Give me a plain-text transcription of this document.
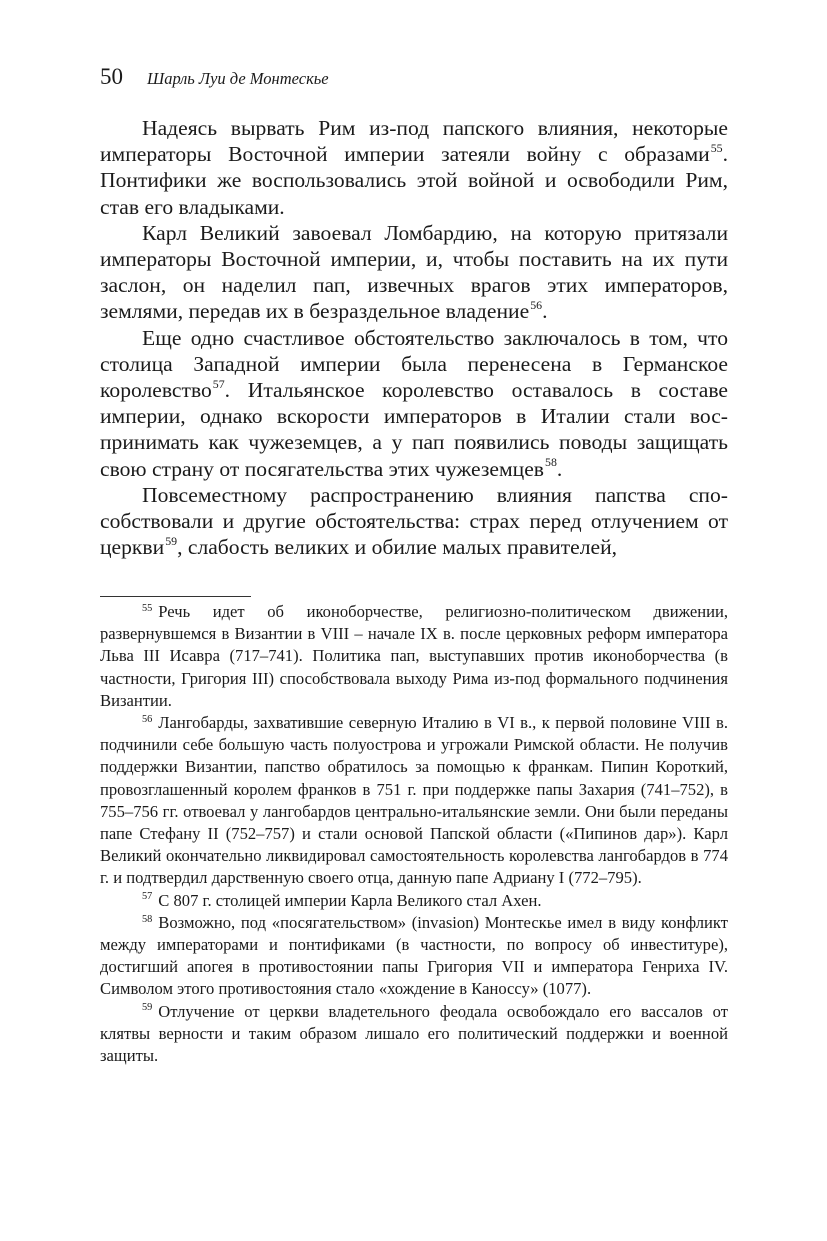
50 Шарль Луи де Монтескье

Надеясь вырвать Рим из-под папского влияния, некоторые императоры Восточной империи затеяли войну с образами$^{55}$. Понтифики же воспользовались этой войной и освободили Рим, став его владыками.

Карл Великий завоевал Ломбардию, на которую притязали императоры Восточной империи, и, чтобы поставить на их пути заслон, он наделил пап, извечных врагов этих императоров, землями, передав их в безраздельное владение$^{56}$.

Еще одно счастливое обстоятельство заключалось в том, что столица Западной империи была перенесена в Германское королевство$^{57}$. Итальянское королевство оставалось в составе империи, однако вскорости императоров в Италии стали воспринимать как чужеземцев, а у пап появились поводы защищать свою страну от посягательства этих чужеземцев$^{58}$.

Повсеместному распространению влияния папства способствовали и другие обстоятельства: страх перед отлучением от церкви$^{59}$, слабость великих и обилие малых правителей,

$^{55}$ Речь идет об иконоборчестве, религиозно-политическом движении, развернувшемся в Византии в VIII – начале IX в. после церковных реформ императора Льва III Исавра (717–741). Политика пап, выступавших против иконоборчества (в частности, Григория III) способствовала выходу Рима из-под формального подчинения Византии.

$^{56}$ Лангобарды, захватившие северную Италию в VI в., к первой половине VIII в. подчинили себе большую часть полуострова и угрожали Римской области. Не получив поддержки Византии, папство обратилось за помощью к франкам. Пипин Короткий, провозглашенный королем франков в 751 г. при поддержке папы Захария (741–752), в 755–756 гг. отвоевал у лангобардов центрально-итальянские земли. Они были переданы папе Стефану II (752–757) и стали основой Папской области («Пипинов дар»). Карл Великий окончательно ликвидировал самостоятельность королевства лангобардов в 774 г. и подтвердил дарственную своего отца, данную папе Адриану I (772–795).

$^{57}$ С 807 г. столицей империи Карла Великого стал Ахен.

$^{58}$ Возможно, под «посягательством» (invasion) Монтескье имел в виду конфликт между императорами и понтификами (в частности, по вопросу об инвеституре), достигший апогея в противостоянии папы Григория VII и императора Генриха IV. Символом этого противостояния стало «хождение в Каноссу» (1077).

$^{59}$ Отлучение от церкви владетельного феодала освобождало его вассалов от клятвы верности и таким образом лишало его политический поддержки и военной защиты.
